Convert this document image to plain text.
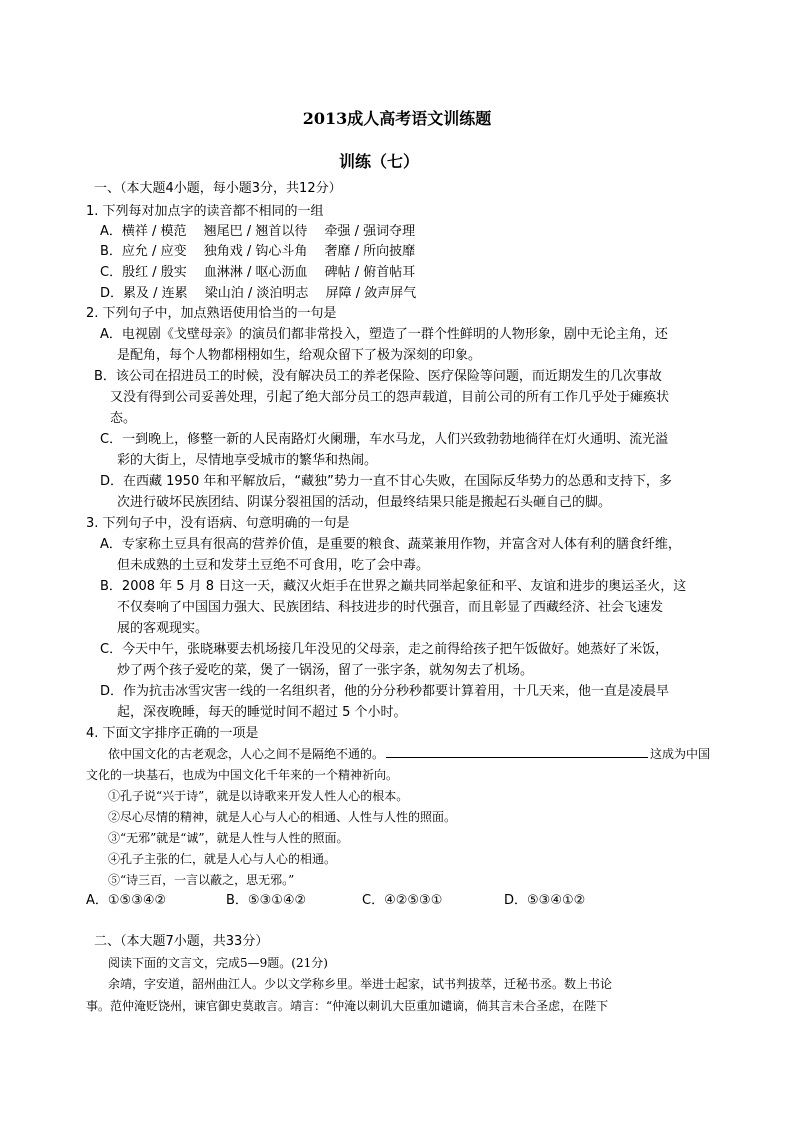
2013成人高考语文训练题
训练（七）
一、（本大题4小题，每小题3分，共12分）
1. 下列每对加点字的读音都不相同的一组
A．横祥 / 模范　 翘尾巴 / 翘首以待　 牵强 / 强词夺理
B．应允 / 应变　 独角戏 / 钩心斗角　 奢靡 / 所向披靡
C．殷红 / 殷实　 血淋淋 / 呕心沥血　 碑帖 / 俯首帖耳
D．累及 / 连累　 梁山泊 / 淡泊明志　 屏障 / 敛声屏气
2. 下列句子中，加点熟语使用恰当的一句是
A．电视剧《戈壁母亲》的演员们都非常投入，塑造了一群个性鲜明的人物形象，剧中无论主角，还
是配角，每个人物都栩栩如生，给观众留下了极为深刻的印象。
B．该公司在招进员工的时候，没有解决员工的养老保险、医疗保险等问题，而近期发生的几次事故
又没有得到公司妥善处理，引起了绝大部分员工的怨声载道，目前公司的所有工作几乎处于瘫痪状
态。
C．一到晚上，修整一新的人民南路灯火阑珊，车水马龙，人们兴致勃勃地徜徉在灯火通明、流光溢
彩的大街上，尽情地享受城市的繁华和热闹。
D．在西藏 1950 年和平解放后，“藏独”势力一直不甘心失败，在国际反华势力的怂恿和支持下，多
次进行破坏民族团结、阴谋分裂祖国的活动，但最终结果只能是搬起石头砸自己的脚。
3. 下列句子中，没有语病、句意明确的一句是
A．专家称土豆具有很高的营养价值，是重要的粮食、蔬菜兼用作物，并富含对人体有利的膳食纤维，
但未成熟的土豆和发芽土豆绝不可食用，吃了会中毒。
B．2008 年 5 月 8 日这一天，藏汉火炬手在世界之巅共同举起象征和平、友谊和进步的奥运圣火，这
不仅奏响了中国国力强大、民族团结、科技进步的时代强音，而且彰显了西藏经济、社会飞速发
展的客观现实。
C．今天中午，张晓琳要去机场接几年没见的父母亲，走之前得给孩子把午饭做好。她蒸好了米饭，
炒了两个孩子爱吃的菜，煲了一锅汤，留了一张字条，就匆匆去了机场。
D．作为抗击冰雪灾害一线的一名组织者，他的分分秒秒都要计算着用，十几天来，他一直是凌晨早
起，深夜晚睡，每天的睡觉时间不超过 5 个小时。
4. 下面文字排序正确的一项是
依中国文化的古老观念，人心之间不是隔绝不通的。	这成为中国
文化的一块基石，也成为中国文化千年来的一个精神祈向。
①孔子说“兴于诗”，就是以诗歌来开发人性人心的根本。
②尽心尽情的精神，就是人心与人心的相通、人性与人性的照面。
③“无邪”就是“诚”，就是人性与人性的照面。
④孔子主张的仁，就是人心与人心的相通。
⑤“诗三百，一言以蔽之，思无邪。”
A．①⑤③④②	B．⑤③①④②	C．④②⑤③①	D．⑤③④①②
二、（本大题7小题，共33分）
阅读下面的文言文，完成5—9题。(21分)
余靖，字安道，韶州曲江人。少以文学称乡里。举进士起家，试书判拔萃，迁秘书丞。数上书论
事。范仲淹贬饶州，谏官御史莫敢言。靖言：“仲淹以刺讥大臣重加谴谪，倘其言未合圣虑，在陛下
